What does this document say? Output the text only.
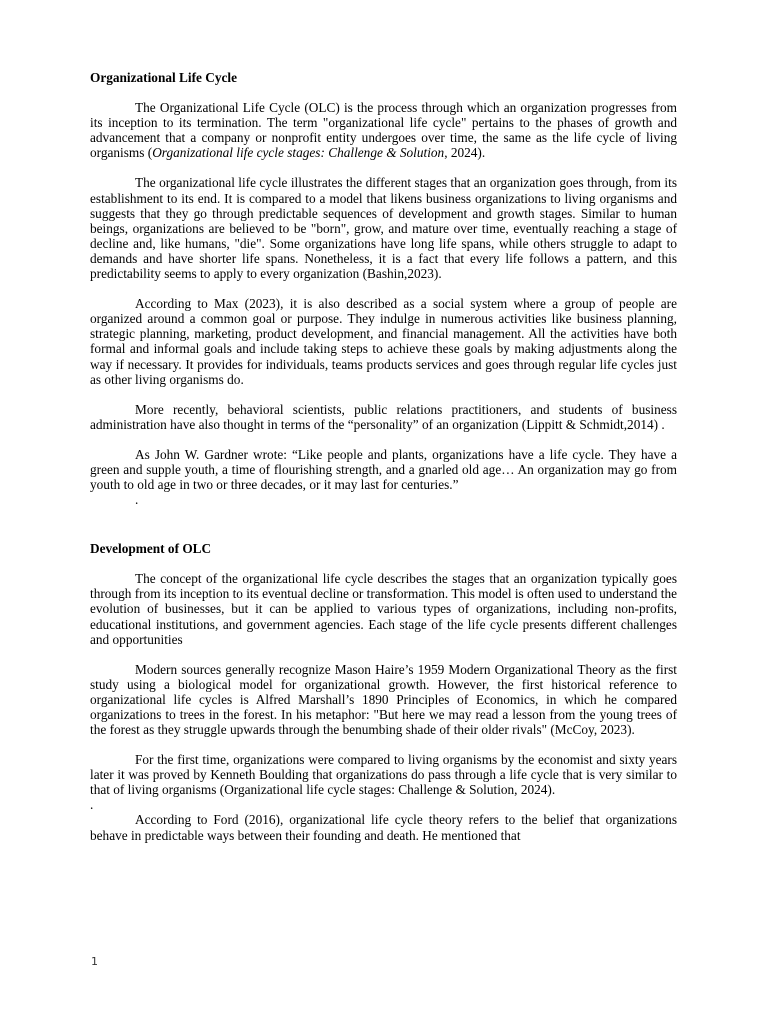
Organizational Life Cycle

The Organizational Life Cycle (OLC) is the process through which an organization progresses from its inception to its termination. The term "organizational life cycle" pertains to the phases of growth and advancement that a company or nonprofit entity undergoes over time, the same as the life cycle of living organisms (Organizational life cycle stages: Challenge & Solution, 2024).

The organizational life cycle illustrates the different stages that an organization goes through, from its establishment to its end. It is compared to a model that likens business organizations to living organisms and suggests that they go through predictable sequences of development and growth stages. Similar to human beings, organizations are believed to be "born", grow, and mature over time, eventually reaching a stage of decline and, like humans, "die". Some organizations have long life spans, while others struggle to adapt to demands and have shorter life spans. Nonetheless, it is a fact that every life follows a pattern, and this predictability seems to apply to every organization (Bashin,2023).

According to Max (2023), it is also described as a social system where a group of people are organized around a common goal or purpose. They indulge in numerous activities like business planning, strategic planning, marketing, product development, and financial management. All the activities have both formal and informal goals and include taking steps to achieve these goals by making adjustments along the way if necessary. It provides for individuals, teams products services and goes through regular life cycles just as other living organisms do.

More recently, behavioral scientists, public relations practitioners, and students of business administration have also thought in terms of the “personality” of an organization (Lippitt & Schmidt,2014) .

As John W. Gardner wrote: “Like people and plants, organizations have a life cycle. They have a green and supple youth, a time of flourishing strength, and a gnarled old age… An organization may go from youth to old age in two or three decades, or it may last for centuries.”

.
Development of OLC

The concept of the organizational life cycle describes the stages that an organization typically goes through from its inception to its eventual decline or transformation. This model is often used to understand the evolution of businesses, but it can be applied to various types of organizations, including non-profits, educational institutions, and government agencies. Each stage of the life cycle presents different challenges and opportunities

Modern sources generally recognize Mason Haire’s 1959 Modern Organizational Theory as the first study using a biological model for organizational growth. However, the first historical reference to organizational life cycles is Alfred Marshall’s 1890 Principles of Economics, in which he compared organizations to trees in the forest. In his metaphor: "But here we may read a lesson from the young trees of the forest as they struggle upwards through the benumbing shade of their older rivals" (McCoy, 2023).

For the first time, organizations were compared to living organisms by the economist and sixty years later it was proved by Kenneth Boulding that organizations do pass through a life cycle that is very similar to that of living organisms (Organizational life cycle stages: Challenge & Solution, 2024).

.

According to Ford (2016), organizational life cycle theory refers to the belief that organizations behave in predictable ways between their founding and death. He mentioned that

1
